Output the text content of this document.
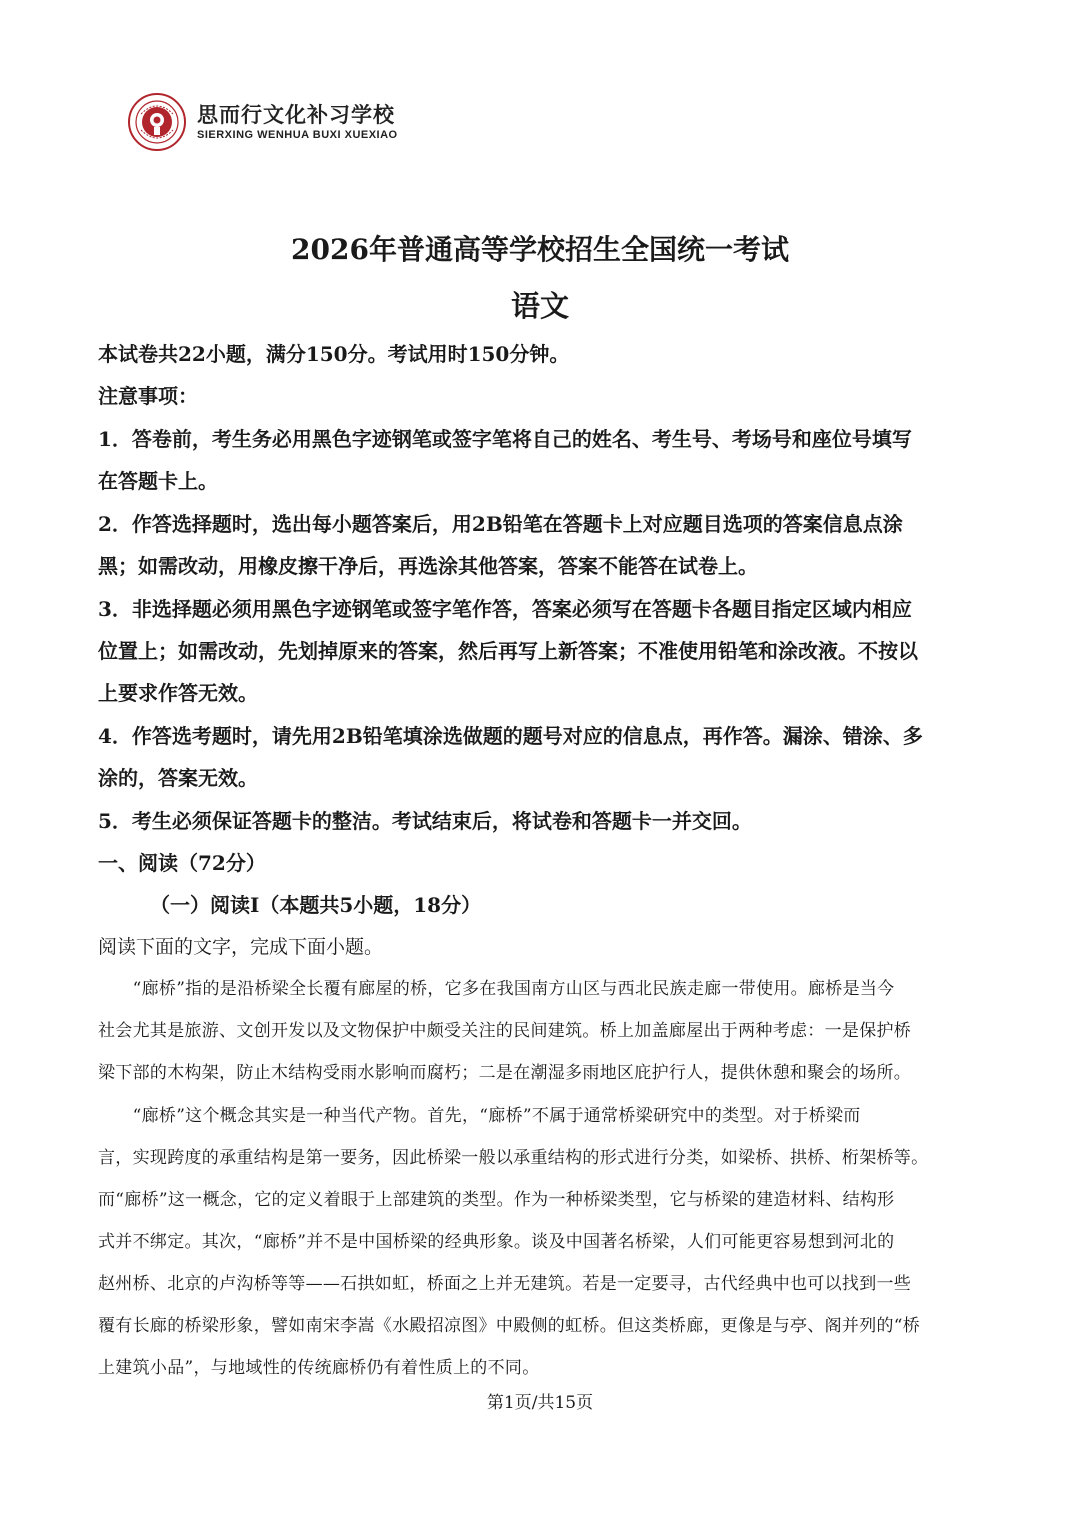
思而行文化补习学校
SIERXING WENHUA BUXI XUEXIAO
2026年普通高等学校招生全国统一考试
语文
本试卷共22小题，满分150分。考试用时150分钟。
注意事项：
1．答卷前，考生务必用黑色字迹钢笔或签字笔将自己的姓名、考生号、考场号和座位号填写
在答题卡上。
2．作答选择题时，选出每小题答案后，用2B铅笔在答题卡上对应题目选项的答案信息点涂
黑；如需改动，用橡皮擦干净后，再选涂其他答案，答案不能答在试卷上。
3．非选择题必须用黑色字迹钢笔或签字笔作答，答案必须写在答题卡各题目指定区域内相应
位置上；如需改动，先划掉原来的答案，然后再写上新答案；不准使用铅笔和涂改液。不按以
上要求作答无效。
4．作答选考题时，请先用2B铅笔填涂选做题的题号对应的信息点，再作答。漏涂、错涂、多
涂的，答案无效。
5．考生必须保证答题卡的整洁。考试结束后，将试卷和答题卡一并交回。
一、阅读（72分）
（一）阅读I（本题共5小题，18分）
阅读下面的文字，完成下面小题。
　　“廊桥”指的是沿桥梁全长覆有廊屋的桥，它多在我国南方山区与西北民族走廊一带使用。廊桥是当今
社会尤其是旅游、文创开发以及文物保护中颇受关注的民间建筑。桥上加盖廊屋出于两种考虑：一是保护桥
梁下部的木构架，防止木结构受雨水影响而腐朽；二是在潮湿多雨地区庇护行人，提供休憩和聚会的场所。
　　“廊桥”这个概念其实是一种当代产物。首先，“廊桥”不属于通常桥梁研究中的类型。对于桥梁而
言，实现跨度的承重结构是第一要务，因此桥梁一般以承重结构的形式进行分类，如梁桥、拱桥、桁架桥等。
而“廊桥”这一概念，它的定义着眼于上部建筑的类型。作为一种桥梁类型，它与桥梁的建造材料、结构形
式并不绑定。其次，“廊桥”并不是中国桥梁的经典形象。谈及中国著名桥梁，人们可能更容易想到河北的
赵州桥、北京的卢沟桥等等——石拱如虹，桥面之上并无建筑。若是一定要寻，古代经典中也可以找到一些
覆有长廊的桥梁形象，譬如南宋李嵩《水殿招凉图》中殿侧的虹桥。但这类桥廊，更像是与亭、阁并列的“桥
上建筑小品”，与地域性的传统廊桥仍有着性质上的不同。
第1页/共15页
